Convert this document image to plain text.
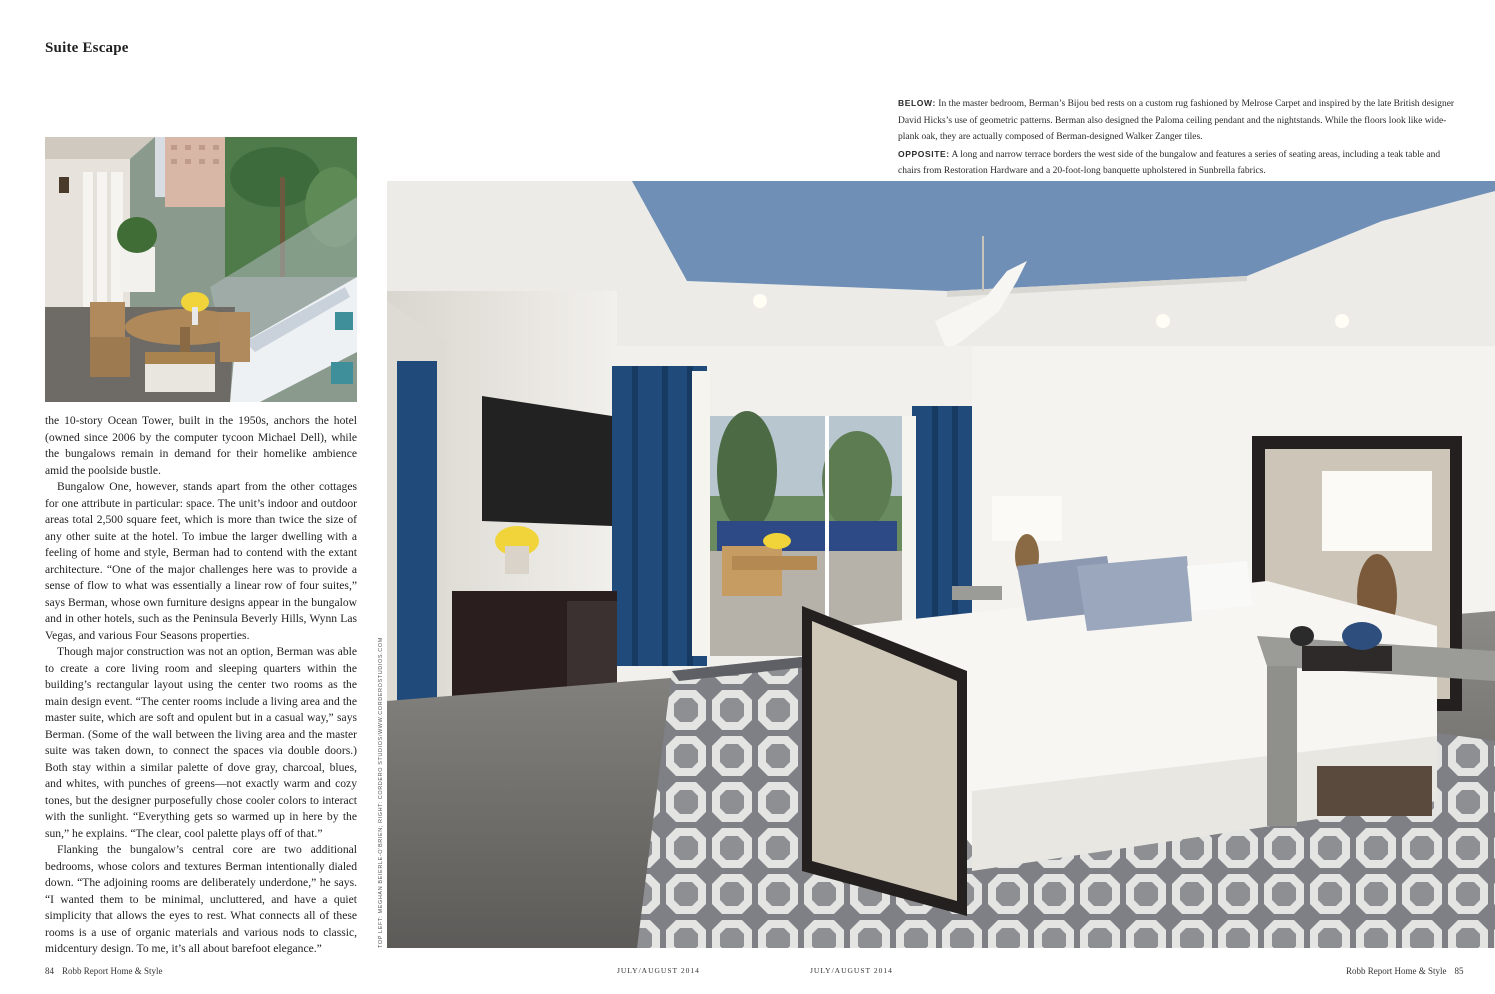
Suite Escape

BELOW: In the master bedroom, Berman’s Bijou bed rests on a custom rug fashioned by Melrose Carpet and inspired by the late British designer David Hicks’s use of geometric patterns. Berman also designed the Paloma ceiling pendant and the nightstands. While the floors look like wide-plank oak, they are actually composed of Berman-designed Walker Zanger tiles.

OPPOSITE: A long and narrow terrace borders the west side of the bungalow and features a series of seating areas, including a teak table and chairs from Restoration Hardware and a 20-foot-long banquette upholstered in Sunbrella fabrics.

the 10-story Ocean Tower, built in the 1950s, anchors the hotel (owned since 2006 by the computer tycoon Michael Dell), while the bungalows remain in demand for their homelike ambience amid the poolside bustle.

Bungalow One, however, stands apart from the other cottages for one attribute in particular: space. The unit’s indoor and outdoor areas total 2,500 square feet, which is more than twice the size of any other suite at the hotel. To imbue the larger dwelling with a feeling of home and style, Berman had to contend with the extant architecture. “One of the major challenges here was to provide a sense of flow to what was essentially a linear row of four suites,” says Berman, whose own furniture designs appear in the bungalow and in other hotels, such as the Peninsula Beverly Hills, Wynn Las Vegas, and various Four Seasons properties.

Though major construction was not an option, Berman was able to create a core living room and sleeping quarters within the building’s rectangular layout using the center two rooms as the main design event. “The center rooms include a living area and the master suite, which are soft and opulent but in a casual way,” says Berman. (Some of the wall between the living area and the master suite was taken down, to connect the spaces via double doors.) Both stay within a similar palette of dove gray, charcoal, blues, and whites, with punches of greens—not exactly warm and cozy tones, but the designer purposefully chose cooler colors to interact with the sunlight. “Everything gets so warmed up in here by the sun,” he explains. “The clear, cool palette plays off of that.”

Flanking the bungalow’s central core are two additional bedrooms, whose colors and textures Berman intentionally dialed down. “The adjoining rooms are deliberately underdone,” he says. “I wanted them to be minimal, uncluttered, and have a quiet simplicity that allows the eyes to rest. What connects all of these rooms is a use of organic materials and various nods to classic, midcentury design. To me, it’s all about barefoot elegance.”

TOP LEFT: MEGHAN BEIERLE-O’BRIEN; RIGHT: CORDERO STUDIOS/WWW.CORDEROSTUDIOS.COM
84 Robb Report Home & Style	JULY/AUGUST 2014	JULY/AUGUST 2014	Robb Report Home & Style 85
